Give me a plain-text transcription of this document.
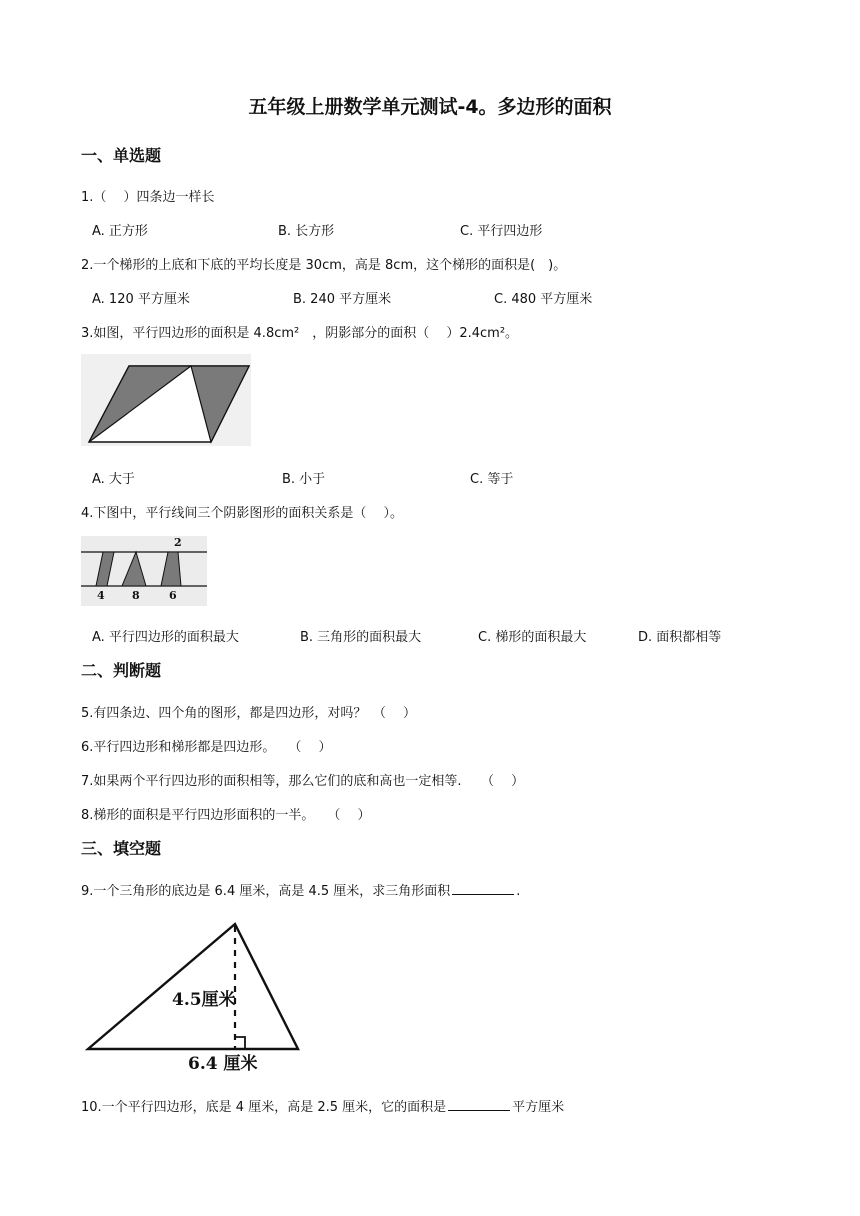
五年级上册数学单元测试-4。多边形的面积
一、单选题
1.（　 ）四条边一样长
A. 正方形	B. 长方形	C. 平行四边形
2.一个梯形的上底和下底的平均长度是 30cm，高是 8cm，这个梯形的面积是(　)。
A. 120 平方厘米	B. 240 平方厘米	C. 480 平方厘米
3.如图，平行四边形的面积是 4.8cm²　，阴影部分的面积（　 ）2.4cm²。
A. 大于	B. 小于	C. 等于
4.下图中，平行线间三个阴影图形的面积关系是（　 ）。
2
4 8	6
A. 平行四边形的面积最大	B. 三角形的面积最大	C. 梯形的面积最大	D. 面积都相等
二、判断题
5.有四条边、四个角的图形，都是四边形，对吗？　（　 ）
6.平行四边形和梯形都是四边形。　　（　 ）
7.如果两个平行四边形的面积相等，那么它们的底和高也一定相等.　　（　 ）
8.梯形的面积是平行四边形面积的一半。　　（　 ）
三、填空题
9.一个三角形的底边是 6.4 厘米，高是 4.5 厘米，求三角形面积	.
4.5厘米
6.4 厘米
10.一个平行四边形，底是 4 厘米，高是 2.5 厘米，它的面积是	平方厘米
